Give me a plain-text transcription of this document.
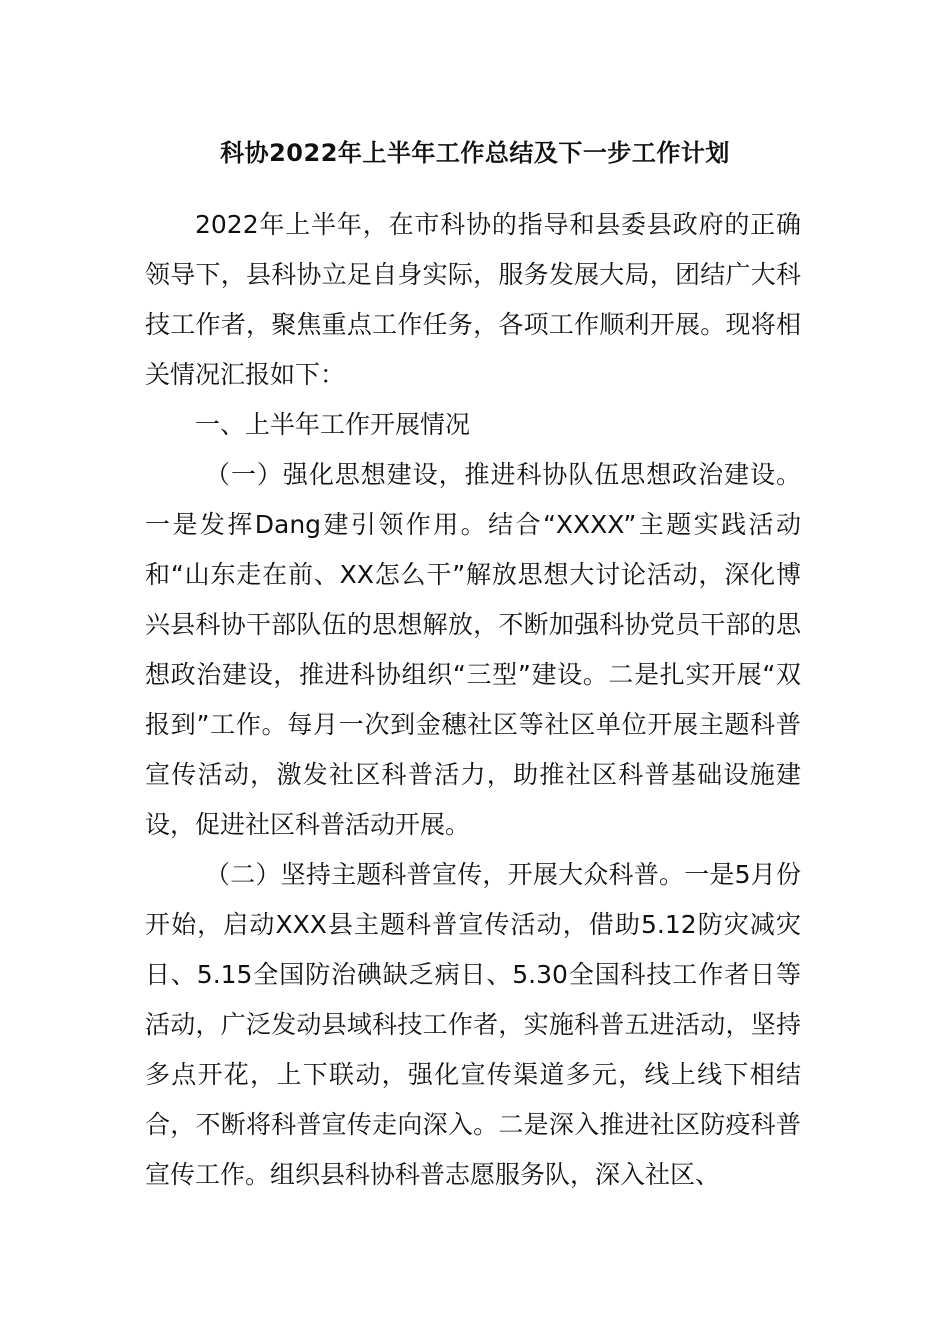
科协2022年上半年工作总结及下一步工作计划

2022年上半年，在市科协的指导和县委县政府的正确领导下，县科协立足自身实际，服务发展大局，团结广大科技工作者，聚焦重点工作任务，各项工作顺利开展。现将相关情况汇报如下：

一、上半年工作开展情况

（一）强化思想建设，推进科协队伍思想政治建设。一是发挥Dang建引领作用。结合“XXXX”主题实践活动和“山东走在前、XX怎么干”解放思想大讨论活动，深化博兴县科协干部队伍的思想解放，不断加强科协党员干部的思想政治建设，推进科协组织“三型”建设。二是扎实开展“双报到”工作。每月一次到金穗社区等社区单位开展主题科普宣传活动，激发社区科普活力，助推社区科普基础设施建设，促进社区科普活动开展。

（二）坚持主题科普宣传，开展大众科普。一是5月份开始，启动XXX县主题科普宣传活动，借助5.12防灾减灾日、5.15全国防治碘缺乏病日、5.30全国科技工作者日等活动，广泛发动县域科技工作者，实施科普五进活动，坚持多点开花，上下联动，强化宣传渠道多元，线上线下相结合，不断将科普宣传走向深入。二是深入推进社区防疫科普宣传工作。组织县科协科普志愿服务队，深入社区、
